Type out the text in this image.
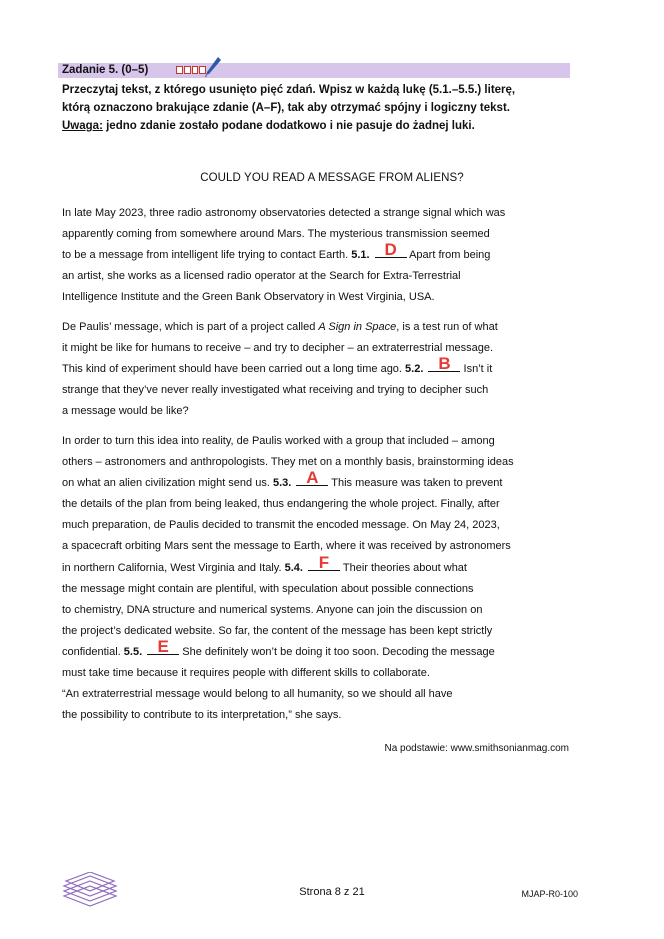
Zadanie 5. (0–5)
Przeczytaj tekst, z którego usunięto pięć zdań. Wpisz w każdą lukę (5.1.–5.5.) literę,
którą oznaczono brakujące zdanie (A–F), tak aby otrzymać spójny i logiczny tekst.
Uwaga: jedno zdanie zostało podane dodatkowo i nie pasuje do żadnej luki.
COULD YOU READ A MESSAGE FROM ALIENS?

In late May 2023, three radio astronomy observatories detected a strange signal which was

apparently coming from somewhere around Mars. The mysterious transmission seemed

to be a message from intelligent life trying to contact Earth. 5.1. D	Apart from being

an artist, she works as a licensed radio operator at the Search for Extra-Terrestrial

Intelligence Institute and the Green Bank Observatory in West Virginia, USA.

De Paulis’ message, which is part of a project called A Sign in Space, is a test run of what

it might be like for humans to receive – and try to decipher – an extraterrestrial message.

This kind of experiment should have been carried out a long time ago. 5.2. B	Isn’t it

strange that they’ve never really investigated what receiving and trying to decipher such

a message would be like?

In order to turn this idea into reality, de Paulis worked with a group that included – among

others – astronomers and anthropologists. They met on a monthly basis, brainstorming ideas

on what an alien civilization might send us. 5.3. A	This measure was taken to prevent

the details of the plan from being leaked, thus endangering the whole project. Finally, after

much preparation, de Paulis decided to transmit the encoded message. On May 24, 2023,

a spacecraft orbiting Mars sent the message to Earth, where it was received by astronomers

in northern California, West Virginia and Italy. 5.4. F	Their theories about what

the message might contain are plentiful, with speculation about possible connections

to chemistry, DNA structure and numerical systems. Anyone can join the discussion on

the project’s dedicated website. So far, the content of the message has been kept strictly

confidential. 5.5. E	She definitely won’t be doing it too soon. Decoding the message

must take time because it requires people with different skills to collaborate.

“An extraterrestrial message would belong to all humanity, so we should all have

the possibility to contribute to its interpretation,” she says.

Na podstawie: www.smithsonianmag.com
Strona 8 z 21	MJAP-R0-100
